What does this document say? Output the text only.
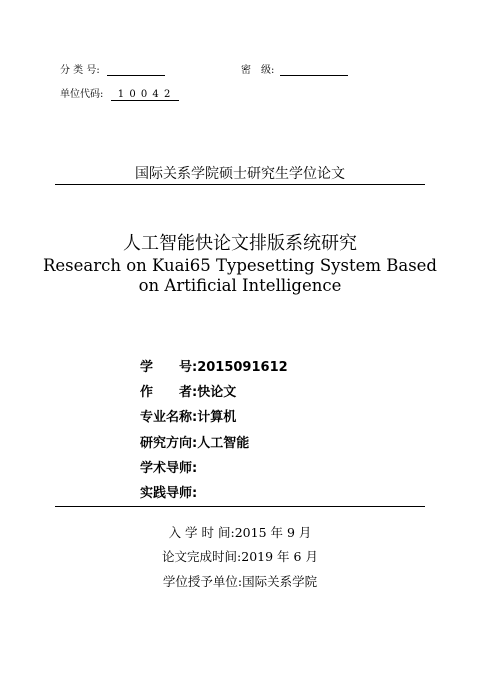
分 类 号:	密　级:
单位代码: 1 0 0 4 2
国际关系学院硕士研究生学位论文
人工智能快论文排版系统研究
Research on Kuai65 Typesetting System Based
on Artificial Intelligence
学　　号:2015091612
作　　者:快论文
专业名称:计算机
研究方向:人工智能
学术导师:
实践导师:
入 学 时 间:2015 年 9 月
论文完成时间:2019 年 6 月
学位授予单位:国际关系学院
